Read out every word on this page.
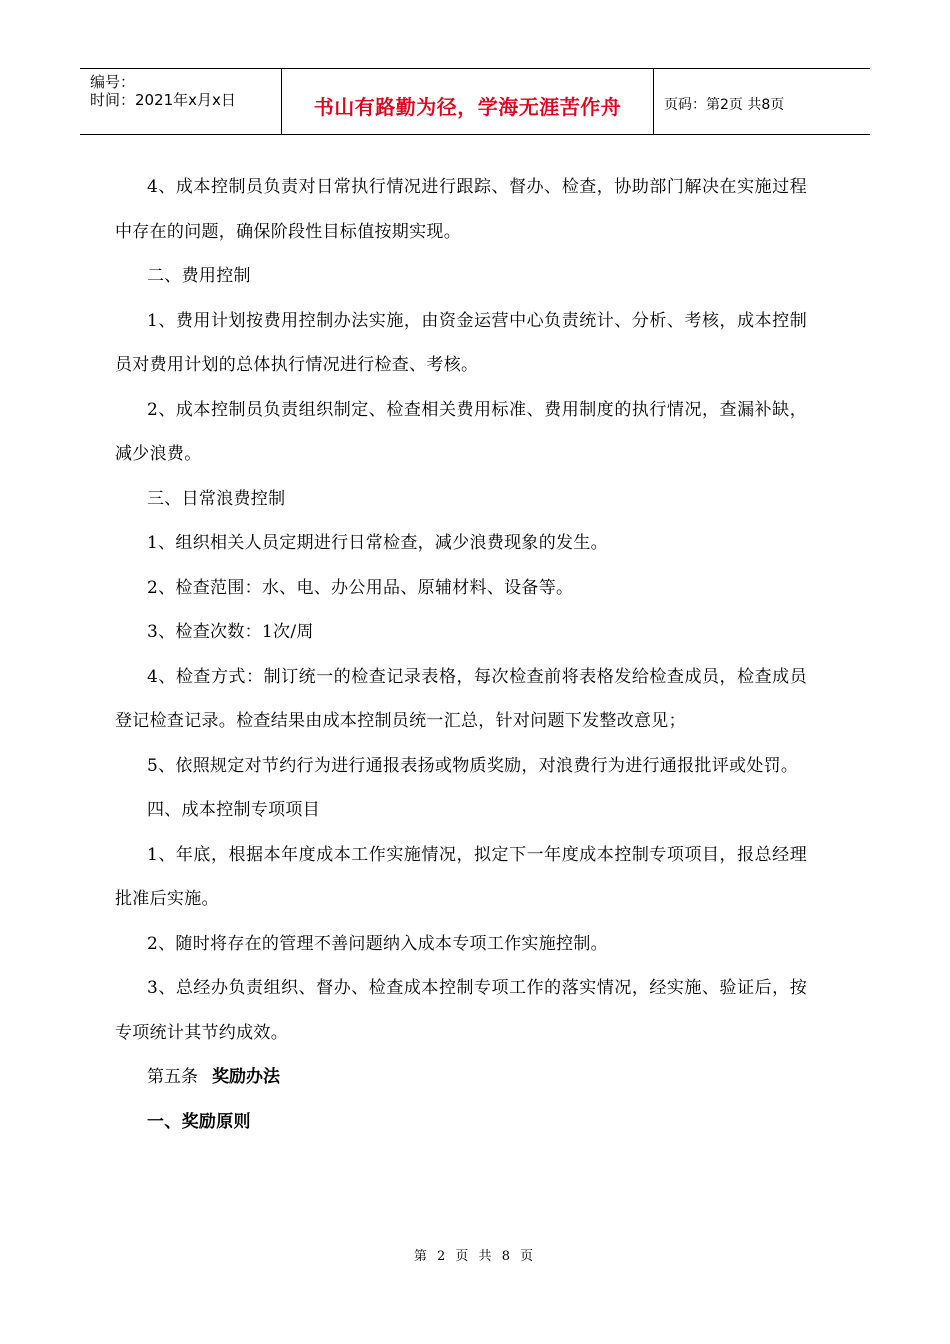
编号：
时间：2021年x月x日	书山有路勤为径，学海无涯苦作舟	页码：第2页 共8页

4、成本控制员负责对日常执行情况进行跟踪、督办、检查，协助部门解决在实施过程中存在的问题，确保阶段性目标值按期实现。

二、费用控制

1、费用计划按费用控制办法实施，由资金运营中心负责统计、分析、考核，成本控制员对费用计划的总体执行情况进行检查、考核。

2、成本控制员负责组织制定、检查相关费用标准、费用制度的执行情况，查漏补缺，减少浪费。

三、日常浪费控制

1、组织相关人员定期进行日常检查，减少浪费现象的发生。

2、检查范围：水、电、办公用品、原辅材料、设备等。

3、检查次数：1次/周

4、检查方式：制订统一的检查记录表格，每次检查前将表格发给检查成员，检查成员登记检查记录。检查结果由成本控制员统一汇总，针对问题下发整改意见；

5、依照规定对节约行为进行通报表扬或物质奖励，对浪费行为进行通报批评或处罚。

四、成本控制专项项目

1、年底，根据本年度成本工作实施情况，拟定下一年度成本控制专项项目，报总经理批准后实施。

2、随时将存在的管理不善问题纳入成本专项工作实施控制。

3、总经办负责组织、督办、检查成本控制专项工作的落实情况，经实施、验证后，按专项统计其节约成效。

第五条 奖励办法

一、奖励原则

第 2 页 共 8 页
